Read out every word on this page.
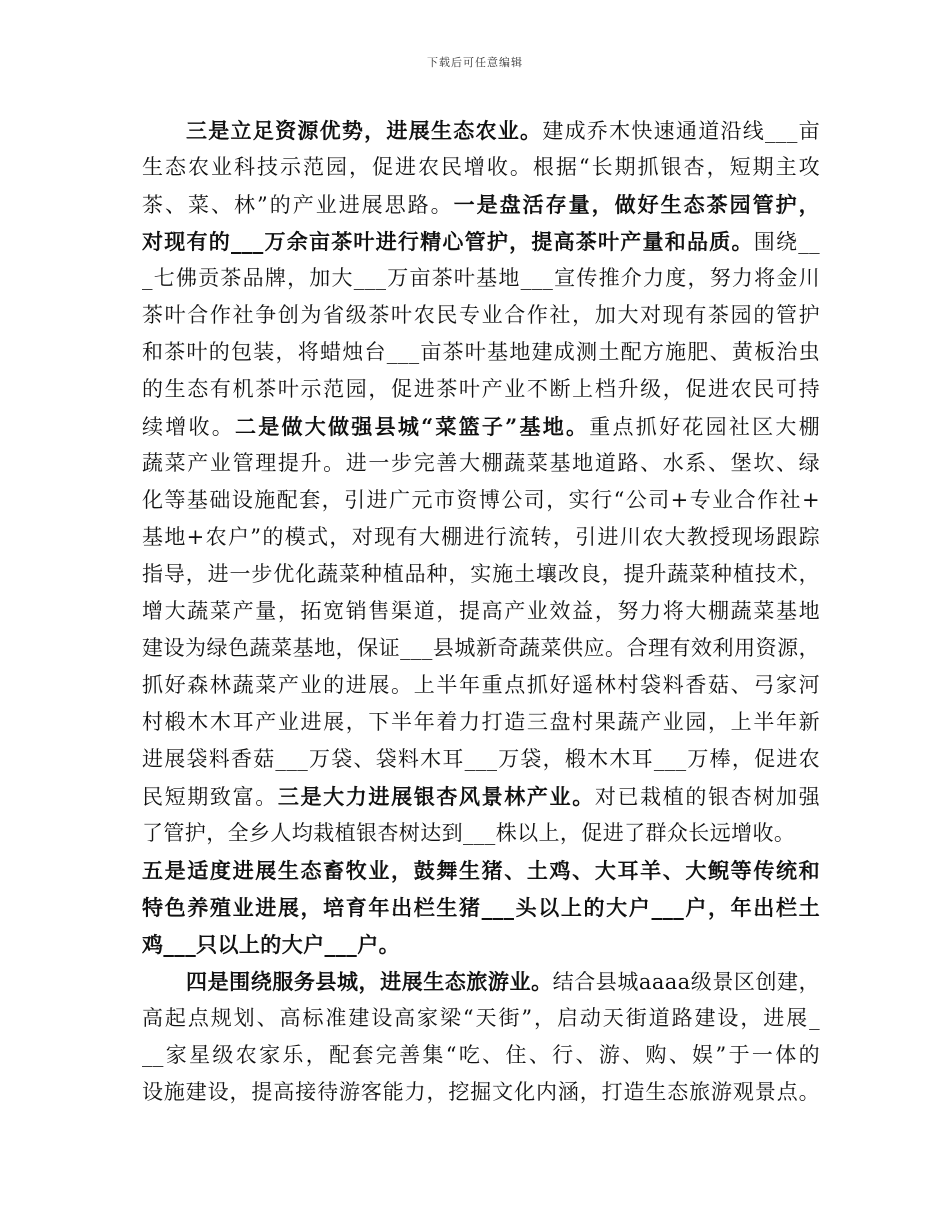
下载后可任意编辑
三是立足资源优势，进展生态农业。建成乔木快速通道沿线___亩
生态农业科技示范园，促进农民增收。根据“长期抓银杏，短期主攻
茶、菜、林”的产业进展思路。一是盘活存量，做好生态茶园管护，
对现有的___万余亩茶叶进行精心管护，提高茶叶产量和品质。围绕__
_七佛贡茶品牌，加大___万亩茶叶基地___宣传推介力度，努力将金川
茶叶合作社争创为省级茶叶农民专业合作社，加大对现有茶园的管护
和茶叶的包装，将蜡烛台___亩茶叶基地建成测土配方施肥、黄板治虫
的生态有机茶叶示范园，促进茶叶产业不断上档升级，促进农民可持
续增收。二是做大做强县城“菜篮子”基地。重点抓好花园社区大棚
蔬菜产业管理提升。进一步完善大棚蔬菜基地道路、水系、堡坎、绿
化等基础设施配套，引进广元市资博公司，实行“公司+专业合作社+
基地+农户”的模式，对现有大棚进行流转，引进川农大教授现场跟踪
指导，进一步优化蔬菜种植品种，实施土壤改良，提升蔬菜种植技术，
增大蔬菜产量，拓宽销售渠道，提高产业效益，努力将大棚蔬菜基地
建设为绿色蔬菜基地，保证___县城新奇蔬菜供应。合理有效利用资源，
抓好森林蔬菜产业的进展。上半年重点抓好遥林村袋料香菇、弓家河
村椴木木耳产业进展，下半年着力打造三盘村果蔬产业园，上半年新
进展袋料香菇___万袋、袋料木耳___万袋，椴木木耳___万棒，促进农
民短期致富。三是大力进展银杏风景林产业。对已栽植的银杏树加强
了管护，全乡人均栽植银杏树达到___株以上，促进了群众长远增收。
五是适度进展生态畜牧业，鼓舞生猪、土鸡、大耳羊、大鲵等传统和
特色养殖业进展，培育年出栏生猪___头以上的大户___户，年出栏土
鸡___只以上的大户___户。
四是围绕服务县城，进展生态旅游业。结合县城aaaa级景区创建，
高起点规划、高标准建设高家梁“天街”，启动天街道路建设，进展_
__家星级农家乐，配套完善集“吃、住、行、游、购、娱”于一体的
设施建设，提高接待游客能力，挖掘文化内涵，打造生态旅游观景点。
